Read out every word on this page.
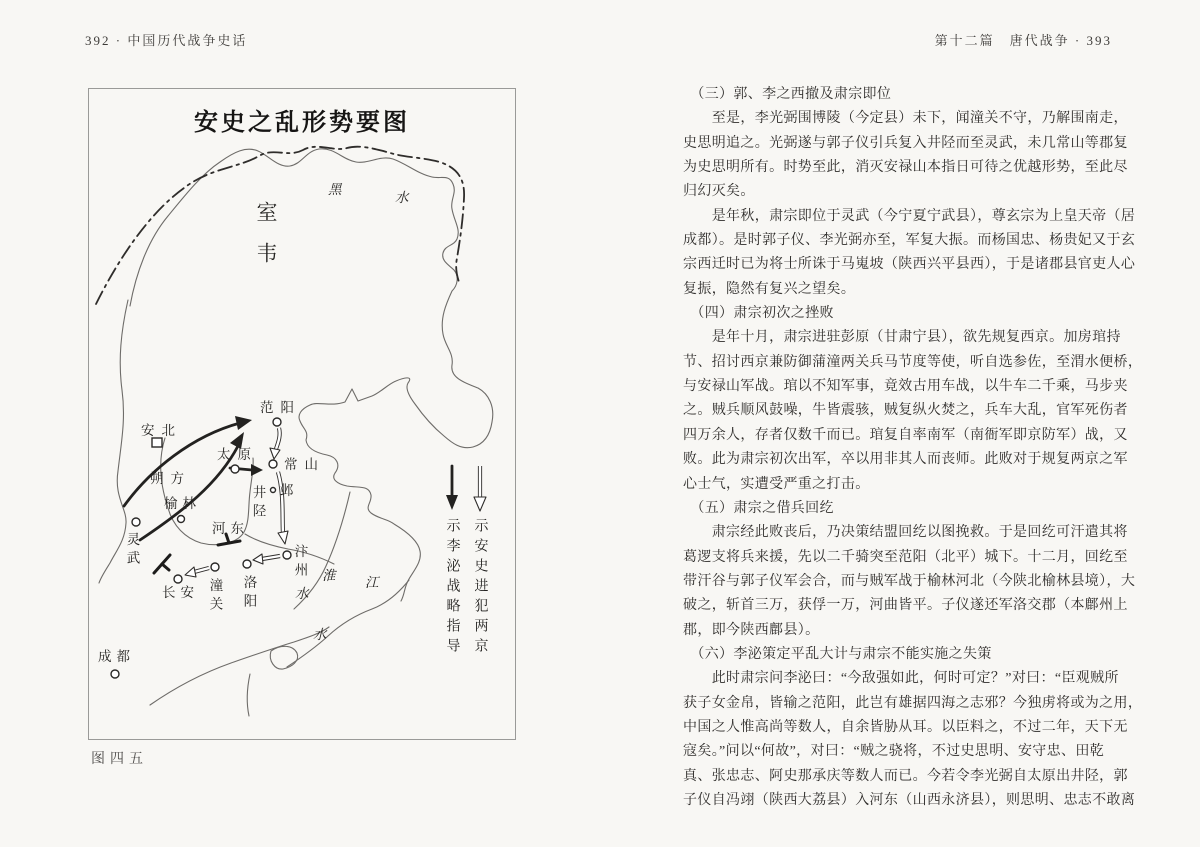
392 · 中国历代战争史话	第十二篇　唐代战争 · 393
安史之乱形势要图
室韦
黑
水
淮
水
江
水
安北
朔方
范阳
太原
常山
邺
井陉
榆林
灵武
河东
汴州
洛阳
潼关
长安
成都	示李泌战略指导 示安史进犯两京
图四五
　（三）郭、李之西撤及肃宗即位
　　至是，李光弼围博陵（今定县）未下，闻潼关不守，乃解围南走，
史思明追之。光弼遂与郭子仪引兵复入井陉而至灵武，未几常山等郡复
为史思明所有。时势至此，消灭安禄山本指日可待之优越形势，至此尽
归幻灭矣。
　　是年秋，肃宗即位于灵武（今宁夏宁武县），尊玄宗为上皇天帝（居
成都）。是时郭子仪、李光弼亦至，军复大振。而杨国忠、杨贵妃又于玄
宗西迁时已为将士所诛于马嵬坡（陕西兴平县西），于是诸郡县官吏人心
复振，隐然有复兴之望矣。
　（四）肃宗初次之挫败
　　是年十月，肃宗进驻彭原（甘肃宁县），欲先规复西京。加房琯持
节、招讨西京兼防御蒲潼两关兵马节度等使，听自选参佐，至渭水便桥，
与安禄山军战。琯以不知军事，竟效古用车战，以牛车二千乘，马步夹
之。贼兵顺风鼓噪，牛皆震骇，贼复纵火焚之，兵车大乱，官军死伤者
四万余人，存者仅数千而已。琯复自率南军（南衙军即京防军）战，又
败。此为肃宗初次出军，卒以用非其人而丧师。此败对于规复两京之军
心士气，实遭受严重之打击。
　（五）肃宗之借兵回纥
　　肃宗经此败丧后，乃决策结盟回纥以图挽救。于是回纥可汗遣其将
葛逻支将兵来援，先以二千骑突至范阳（北平）城下。十二月，回纥至
带汗谷与郭子仪军会合，而与贼军战于榆林河北（今陕北榆林县境），大
破之，斩首三万，获俘一万，河曲皆平。子仪遂还军洛交郡（本鄜州上
郡，即今陕西鄜县）。
　（六）李泌策定平乱大计与肃宗不能实施之失策
　　此时肃宗问李泌曰：“今敌强如此，何时可定？”对曰：“臣观贼所
获子女金帛，皆输之范阳，此岂有雄据四海之志邪？今独虏将或为之用，
中国之人惟高尚等数人，自余皆胁从耳。以臣料之，不过二年，天下无
寇矣。”问以“何故”，对曰：“贼之骁将，不过史思明、安守忠、田乾
真、张忠志、阿史那承庆等数人而已。今若令李光弼自太原出井陉，郭
子仪自冯翊（陕西大荔县）入河东（山西永济县），则思明、忠志不敢离
